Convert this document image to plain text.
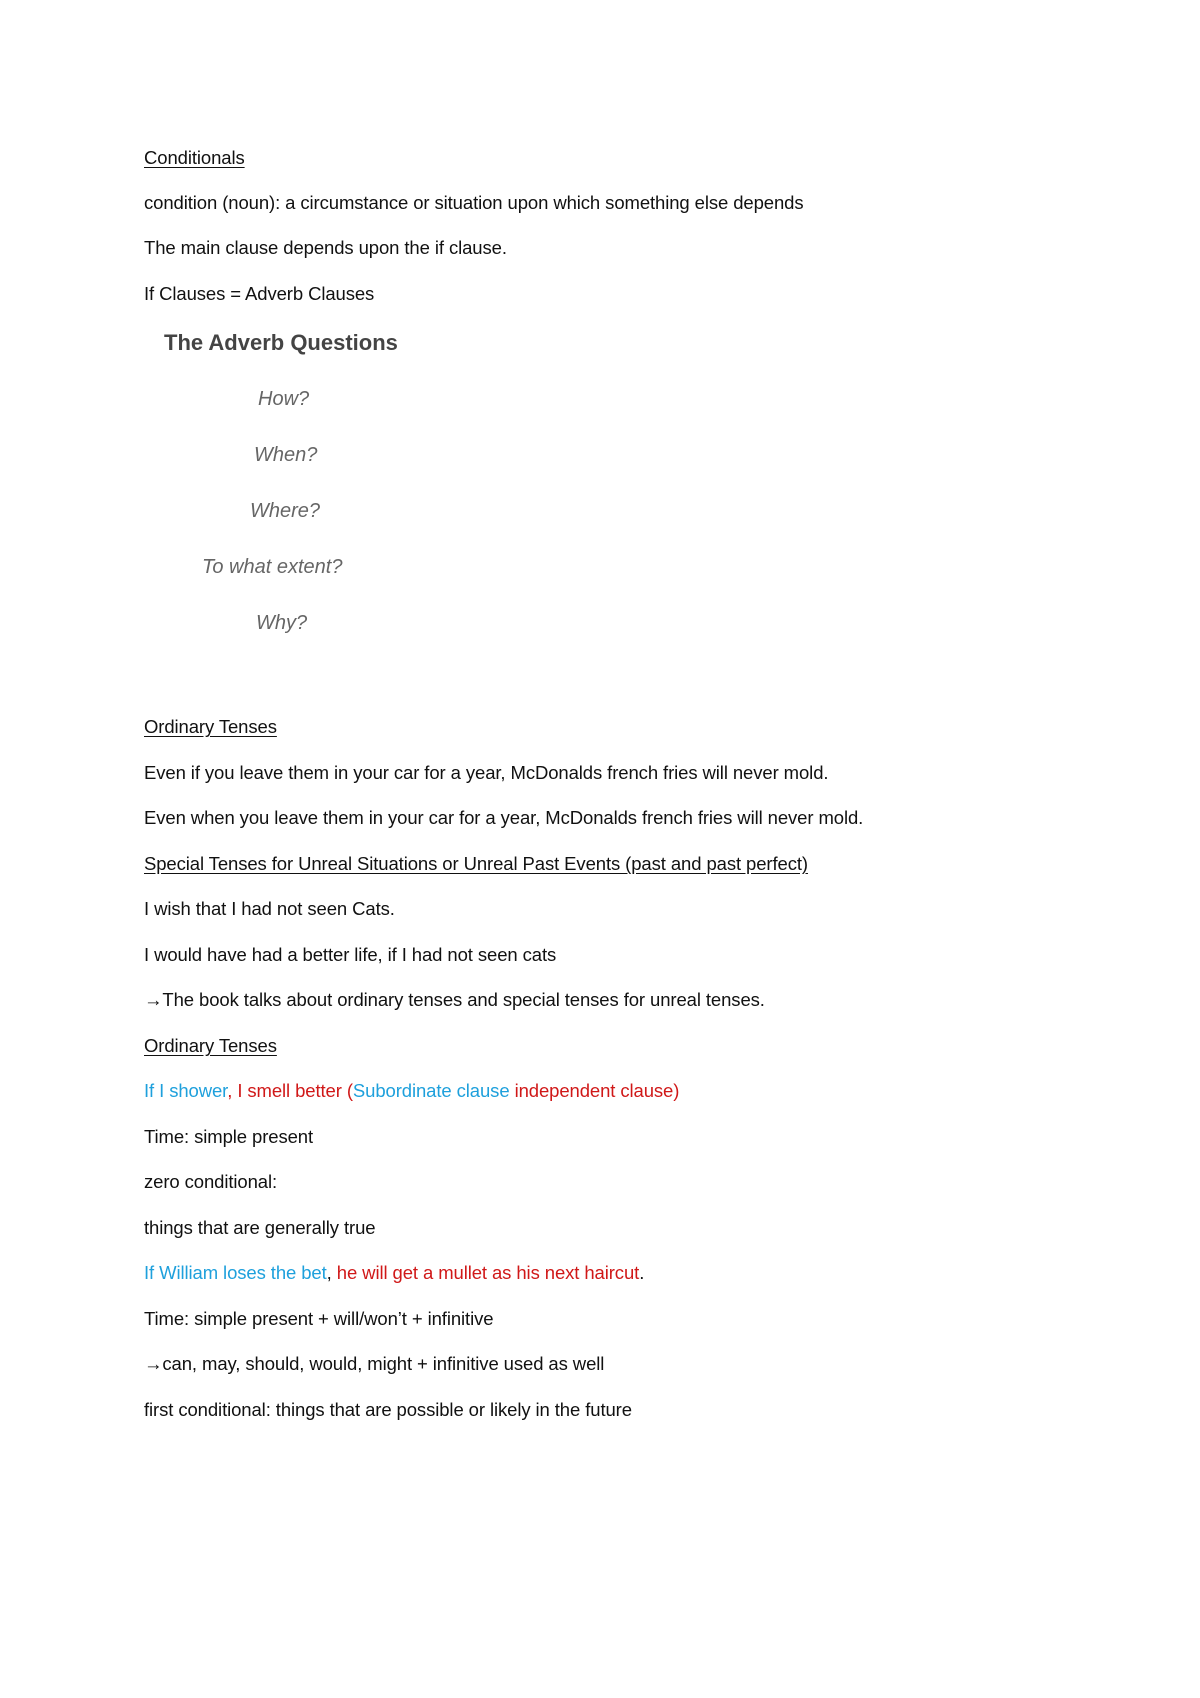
Conditionals
condition (noun): a circumstance or situation upon which something else depends
The main clause depends upon the if clause.
If Clauses = Adverb Clauses
The Adverb Questions
How?
When?
Where?
To what extent?
Why?
Ordinary Tenses
Even if you leave them in your car for a year, McDonalds french fries will never mold.
Even when you leave them in your car for a year, McDonalds french fries will never mold.
Special Tenses for Unreal Situations or Unreal Past Events (past and past perfect)
I wish that I had not seen Cats.
I would have had a better life, if I had not seen cats
→The book talks about ordinary tenses and special tenses for unreal tenses.
Ordinary Tenses
If I shower, I smell better (Subordinate clause independent clause)
Time: simple present
zero conditional:
things that are generally true
If William loses the bet, he will get a mullet as his next haircut.
Time: simple present + will/won’t + infinitive
→can, may, should, would, might + infinitive used as well
first conditional: things that are possible or likely in the future
